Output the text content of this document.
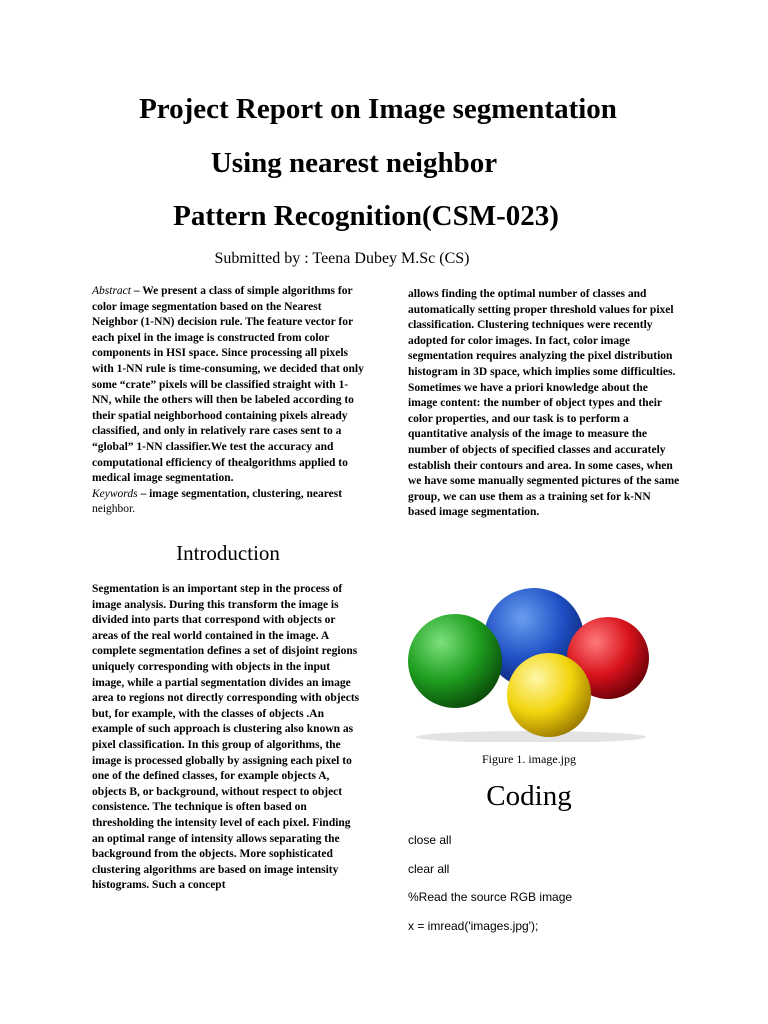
Project Report on Image segmentation
Using nearest neighbor
Pattern Recognition(CSM-023)
Submitted by : Teena Dubey M.Sc (CS)

Abstract – We present a class of simple algorithms for color image segmentation based on the Nearest Neighbor (1-NN) decision rule. The feature vector for each pixel in the image is constructed from color components in HSI space. Since processing all pixels with 1-NN rule is time-consuming, we decided that only some “crate” pixels will be classified straight with 1-NN, while the others will then be labeled according to their spatial neighborhood containing pixels already classified, and only in relatively rare cases sent to a “global” 1-NN classifier.We test the accuracy and computational efficiency of thealgorithms applied to medical image segmentation.

Keywords – image segmentation, clustering, nearest neighbor.

Introduction
Segmentation is an important step in the process of image analysis. During this transform the image is divided into parts that correspond with objects or areas of the real world contained in the image. A complete segmentation defines a set of disjoint regions uniquely corresponding with objects in the input image, while a partial segmentation divides an image area to regions not directly corresponding with objects but, for example, with the classes of objects .An example of such approach is clustering also known as pixel classification. In this group of algorithms, the image is processed globally by assigning each pixel to one of the defined classes, for example objects A, objects B, or background, without respect to object consistence. The technique is often based on thresholding the intensity level of each pixel. Finding an optimal range of intensity allows separating the background from the objects. More sophisticated clustering algorithms are based on image intensity histograms. Such a concept
allows finding the optimal number of classes and automatically setting proper threshold values for pixel classification. Clustering techniques were recently adopted for color images. In fact, color image segmentation requires analyzing the pixel distribution histogram in 3D space, which implies some difficulties. Sometimes we have a priori knowledge about the image content: the number of object types and their color properties, and our task is to perform a quantitative analysis of the image to measure the number of objects of specified classes and accurately establish their contours and area. In some cases, when we have some manually segmented pictures of the same group, we can use them as a training set for k-NN based image segmentation.
Figure 1. image.jpg
Coding
close all
clear all
%Read the source RGB image
x = imread('images.jpg');
